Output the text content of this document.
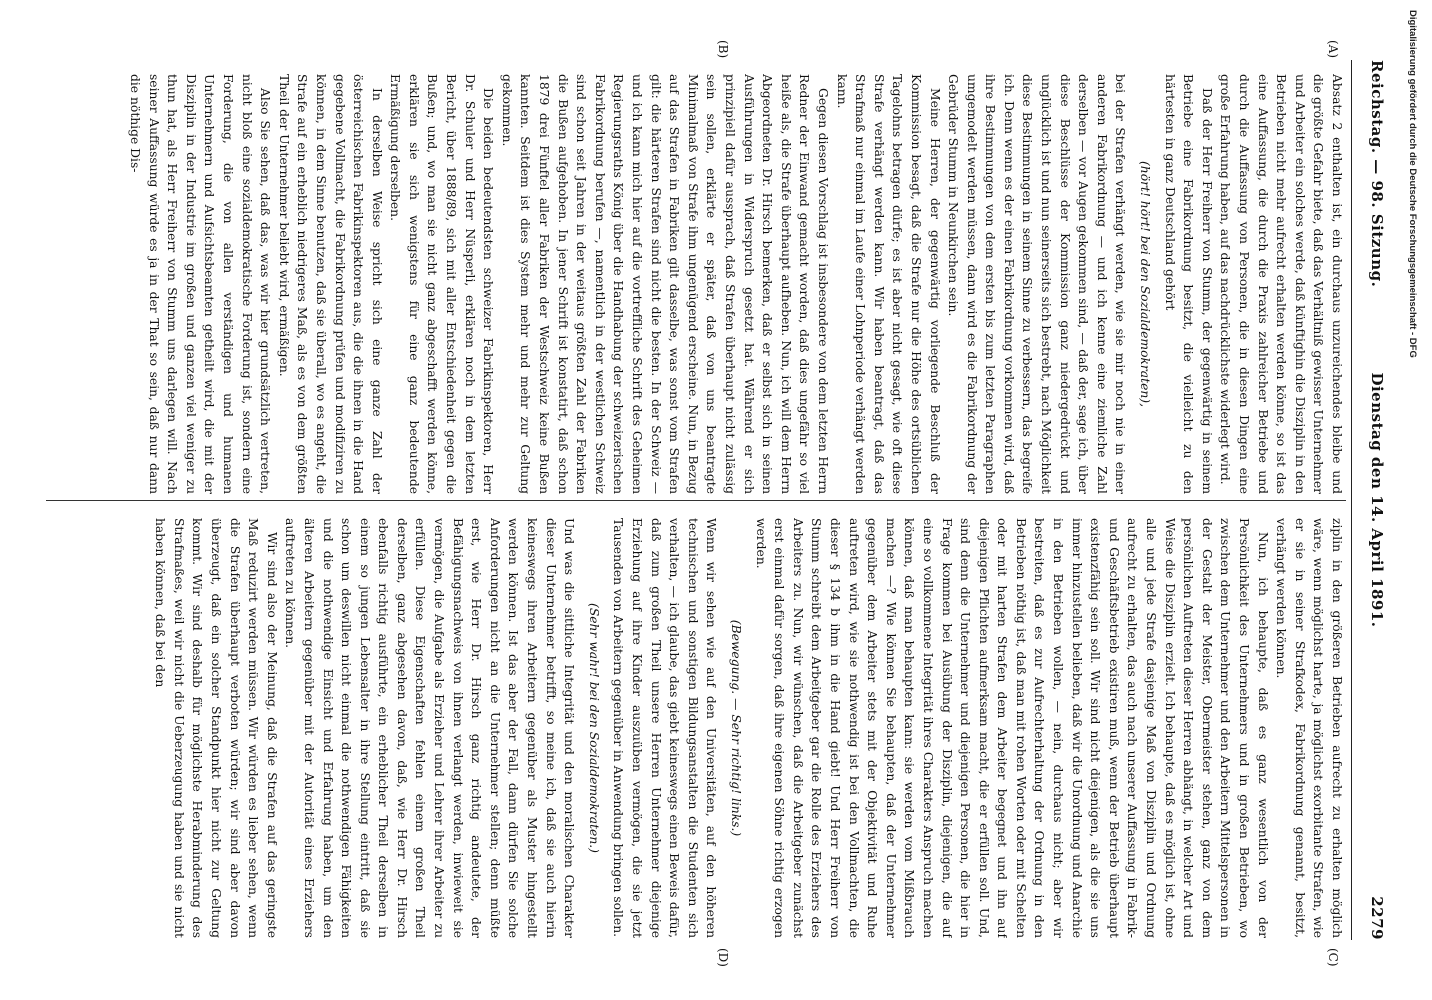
Reichstag. — 98. Sitzung.
Dienstag den 14. April 1891.
2279
(A)
(B)
(C)
(D)

Absatz 2 enthalten ist, ein durchaus unzureichendes bleibe und die größte Gefahr biete, daß das Verhältniß gewisser Unternehmer und Arbeiter ein solches werde, daß künftighin die Disziplin in den Betrieben nicht mehr aufrecht erhalten werden könne, so ist das eine Auffassung, die durch die Praxis zahlreicher Betriebe und durch die Auffassung von Personen, die in diesen Dingen eine große Erfahrung haben, auf das nachdrücklichste widerlegt wird.

Daß der Herr Freiherr von Stumm, der gegenwärtig in seinem Betriebe eine Fabrikordnung besitzt, die vielleicht zu den härtesten in ganz Deutschland gehört

(hört! hört! bei den Sozialdemokraten),

bei der Strafen verhängt werden, wie sie mir noch nie in einer anderen Fabrikordnung — und ich kenne eine ziemliche Zahl derselben — vor Augen gekommen sind, — daß der, sage ich, über diese Beschlüsse der Kommission ganz niedergedrückt und unglücklich ist und nun seinerseits sich bestrebt, nach Möglichkeit diese Bestimmungen in seinem Sinne zu verbessern, das begreife ich. Denn wenn es der einen Fabrikordnung vorkommen wird, daß ihre Bestimmungen von dem ersten bis zum letzten Paragraphen umgemodelt werden müssen, dann wird es die Fabrikordnung der Gebrüder Stumm in Neunkirchen sein.

Meine Herren, der gegenwärtig vorliegende Beschluß der Kommission besagt, daß die Strafe nur die Höhe des ortsüblichen Tagelohns betragen dürfe; es ist aber nicht gesagt, wie oft diese Strafe verhängt werden kann. Wir haben beantragt, daß das Strafmaß nur einmal im Laufe einer Lohnperiode verhängt werden kann.

Gegen diesen Vorschlag ist insbesondere von dem letzten Herrn Redner der Einwand gemacht worden, daß dies ungefähr so viel heiße als, die Strafe überhaupt aufheben. Nun, ich will dem Herrn Abgeordneten Dr. Hirsch bemerken, daß er selbst sich in seinen Ausführungen in Widerspruch gesetzt hat. Während er sich prinzipiell dafür aussprach, daß Strafen überhaupt nicht zulässig sein sollen, erklärte er später, daß von uns beantragte Minimalmaß von Strafe ihm ungenügend erscheine. Nun, in Bezug auf das Strafen in Fabriken gilt dasselbe, was sonst vom Strafen gilt: die härteren Strafen sind nicht die besten. In der Schweiz — und ich kann mich hier auf die vortreffliche Schrift des Geheimen Regierungsraths König über die Handhabung der schweizerischen Fabrikordnung berufen —, namentlich in der westlichen Schweiz sind schon seit Jahren in der weitaus größten Zahl der Fabriken die Bußen aufgehoben. In jener Schrift ist konstatirt, daß schon 1879 drei Fünftel aller Fabriken der Westschweiz keine Bußen kannten. Seitdem ist dies System mehr und mehr zur Geltung gekommen.

Die beiden bedeutendsten schweizer Fabrikinspektoren, Herr Dr. Schuler und Herr Nüsperli, erklären noch in dem letzten Bericht, über 1888/89, sich mit aller Entschiedenheit gegen die Bußen; und, wo man sie nicht ganz abgeschafft werden könne, erklären sie sich wenigstens für eine ganz bedeutende Ermäßigung derselben.

In derselben Weise spricht sich eine ganze Zahl der österreichischen Fabrikinspektoren aus, die die ihnen in die Hand gegebene Vollmacht, die Fabrikordnung prüfen und modifiziren zu können, in dem Sinne benutzen, daß sie überall, wo es angeht, die Strafe auf ein erheblich niedrigeres Maß, als es von dem größten Theil der Unternehmer beliebt wird, ermäßigen.

Also Sie sehen, daß das, was wir hier grundsätzlich vertreten, nicht bloß eine sozialdemokratische Forderung ist, sondern eine Forderung, die von allen verständigen und humanen Unternehmern und Aufsichtsbeamten getheilt wird, die mit der Disziplin in der Industrie im großen und ganzen viel weniger zu thun hat, als Herr Freiherr von Stumm uns darlegen will. Nach seiner Auffassung würde es ja in der That so sein, daß nur dann die nöthige Dis-

ziplin in den größeren Betrieben aufrecht zu erhalten möglich wäre, wenn möglichst harte, ja möglichst exorbitante Strafen, wie er sie in seiner Strafkodex, Fabrikordnung genannt, besitzt, verhängt werden können.

Nun, ich behaupte, daß es ganz wesentlich von der Persönlichkeit des Unternehmers und in großen Betrieben, wo zwischen dem Unternehmer und den Arbeitern Mittelspersonen in der Gestalt der Meister, Obermeister stehen, ganz von dem persönlichen Auftreten dieser Herren abhängt, in welcher Art und Weise die Disziplin erzielt. Ich behaupte, daß es möglich ist, ohne alle und jede Strafe dasjenige Maß von Disziplin und Ordnung aufrecht zu erhalten, das auch nach unserer Auffassung in Fabrik- und Geschäftsbetrieb existiren muß, wenn der Betrieb überhaupt existenzfähig sein soll. Wir sind nicht diejenigen, als die sie uns immer hinzustellen belieben, daß wir die Unordnung und Anarchie in den Betrieben wollen, — nein, durchaus nicht; aber wir bestreiten, daß es zur Aufrechterhaltung der Ordnung in den Betrieben nöthig ist, daß man mit rohen Worten oder mit Schelten oder mit harten Strafen dem Arbeiter begegnet und ihn auf diejenigen Pflichten aufmerksam macht, die er erfüllen soll. Und, sind denn die Unternehmer und diejenigen Personen, die hier in Frage kommen bei Ausübung der Disziplin, diejenigen, die auf eine so vollkommene Integrität ihres Charakters Anspruch machen können, daß man behaupten kann: sie werden vom Mißbrauch machen —? Wie können Sie behaupten, daß der Unternehmer gegenüber dem Arbeiter stets mit der Objektivität und Ruhe auftreten wird, wie sie nothwendig ist bei den Vollmachten, die dieser § 134 b ihm in die Hand giebt! Und Herr Freiherr von Stumm schreibt dem Arbeitgeber gar die Rolle des Erziehers des Arbeiters zu. Nun, wir wünschen, daß die Arbeitgeber zunächst erst einmal dafür sorgen, daß ihre eigenen Söhne richtig erzogen werden.

(Bewegung. — Sehr richtig! links.)

Wenn wir sehen wie auf den Universitäten, auf den höheren technischen und sonstigen Bildungsanstalten die Studenten sich verhalten, — ich glaube, das giebt keineswegs einen Beweis dafür, daß zum großen Theil unsere Herren Unternehmer diejenige Erziehung auf ihre Kinder auszuüben vermögen, die sie jetzt Tausenden von Arbeitern gegenüber in Anwendung bringen sollen.

(Sehr wahr! bei den Sozialdemokraten.)

Und was die sittliche Integrität und den moralischen Charakter dieser Unternehmer betrifft, so meine ich, daß sie auch hierin keineswegs ihren Arbeitern gegenüber als Muster hingestellt werden können. Ist das aber der Fall, dann dürfen Sie solche Anforderungen nicht an die Unternehmer stellen; denn müßte erst, wie Herr Dr. Hirsch ganz richtig andeutete, der Befähigungsnachweis von ihnen verlangt werden, inwieweit sie vermögen, die Aufgabe als Erzieher und Lehrer ihrer Arbeiter zu erfüllen. Diese Eigenschaften fehlen einem großen Theil derselben, ganz abgesehen davon, daß, wie Herr Dr. Hirsch ebenfalls richtig ausführte, ein erheblicher Theil derselben in einem so jungen Lebensalter in ihre Stellung eintritt, daß sie schon um deswillen nicht einmal die nothwendigen Fähigkeiten und die nothwendige Einsicht und Erfahrung haben, um den älteren Arbeitern gegenüber mit der Autorität eines Erziehers auftreten zu können.

Wir sind also der Meinung, daß die Strafen auf das geringste Maß reduzirt werden müssen. Wir würden es lieber sehen, wenn die Strafen überhaupt verboten würden; wir sind aber davon überzeugt, daß ein solcher Standpunkt hier nicht zur Geltung kommt. Wir sind deshalb für möglichste Herabminderung des Strafmaßes, weil wir nicht die Ueberzeugung haben und sie nicht haben können, daß bei den

Digitalisierung gefördert durch die Deutsche Forschungsgemeinschaft - DFG
